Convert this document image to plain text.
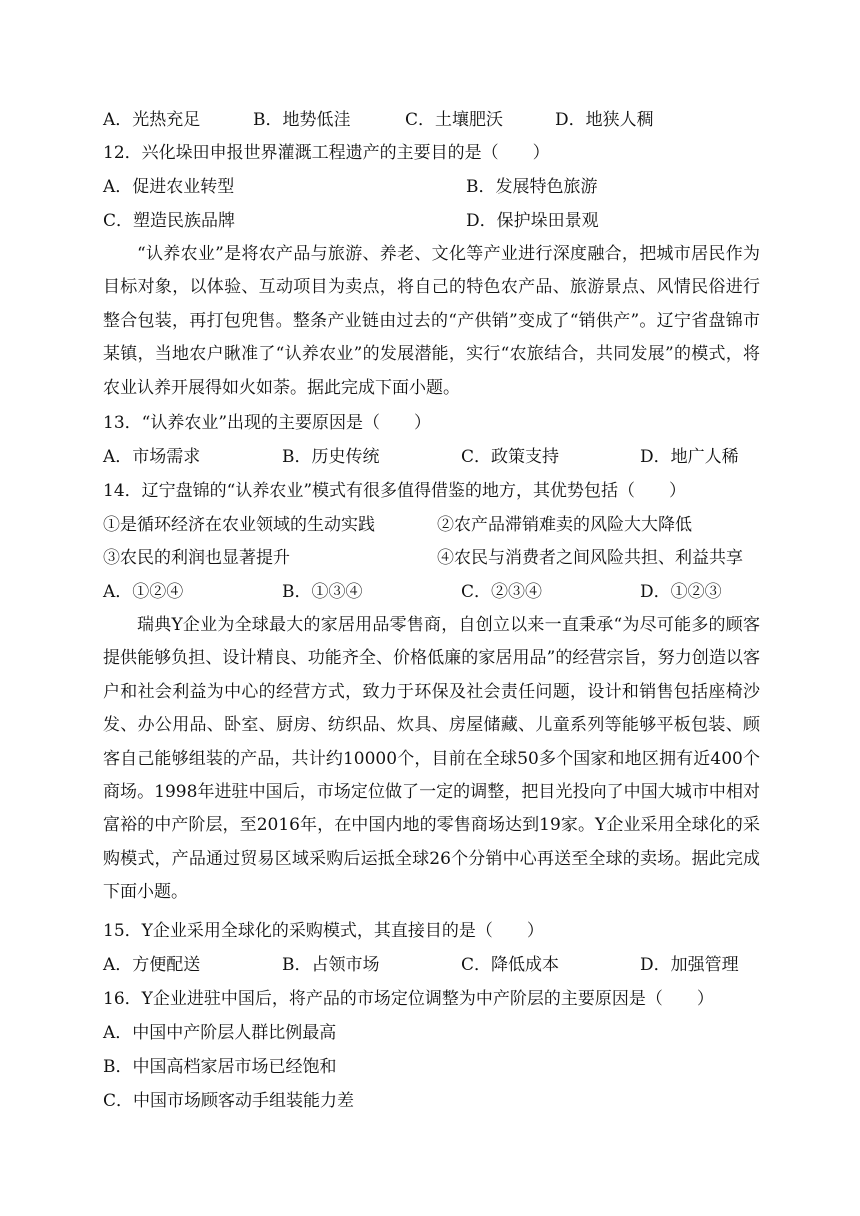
A．光热充足	B．地势低洼	C．土壤肥沃	D．地狭人稠
12．兴化垛田申报世界灌溉工程遗产的主要目的是（　　）
A．促进农业转型	B．发展特色旅游
C．塑造民族品牌	D．保护垛田景观
“认养农业”是将农产品与旅游、养老、文化等产业进行深度融合，把城市居民作为目标对象，以体验、互动项目为卖点，将自己的特色农产品、旅游景点、风情民俗进行整合包装，再打包兜售。整条产业链由过去的“产供销”变成了“销供产”。辽宁省盘锦市某镇，当地农户瞅准了“认养农业”的发展潜能，实行“农旅结合，共同发展”的模式，将农业认养开展得如火如荼。据此完成下面小题。
13．“认养农业”出现的主要原因是（　　）
A．市场需求	B．历史传统	C．政策支持	D．地广人稀
14．辽宁盘锦的“认养农业”模式有很多值得借鉴的地方，其优势包括（　　）
①是循环经济在农业领域的生动实践	②农产品滞销难卖的风险大大降低
③农民的利润也显著提升	④农民与消费者之间风险共担、利益共享
A．①②④	B．①③④	C．②③④	D．①②③
瑞典Y企业为全球最大的家居用品零售商，自创立以来一直秉承“为尽可能多的顾客提供能够负担、设计精良、功能齐全、价格低廉的家居用品”的经营宗旨，努力创造以客户和社会利益为中心的经营方式，致力于环保及社会责任问题，设计和销售包括座椅沙发、办公用品、卧室、厨房、纺织品、炊具、房屋储藏、儿童系列等能够平板包装、顾客自己能够组装的产品，共计约10000个，目前在全球50多个国家和地区拥有近400个商场。1998年进驻中国后，市场定位做了一定的调整，把目光投向了中国大城市中相对富裕的中产阶层，至2016年，在中国内地的零售商场达到19家。Y企业采用全球化的采购模式，产品通过贸易区域采购后运抵全球26个分销中心再送至全球的卖场。据此完成下面小题。
15．Y企业采用全球化的采购模式，其直接目的是（　　）
A．方便配送	B．占领市场	C．降低成本	D．加强管理
16．Y企业进驻中国后，将产品的市场定位调整为中产阶层的主要原因是（　　）
A．中国中产阶层人群比例最高
B．中国高档家居市场已经饱和
C．中国市场顾客动手组装能力差
